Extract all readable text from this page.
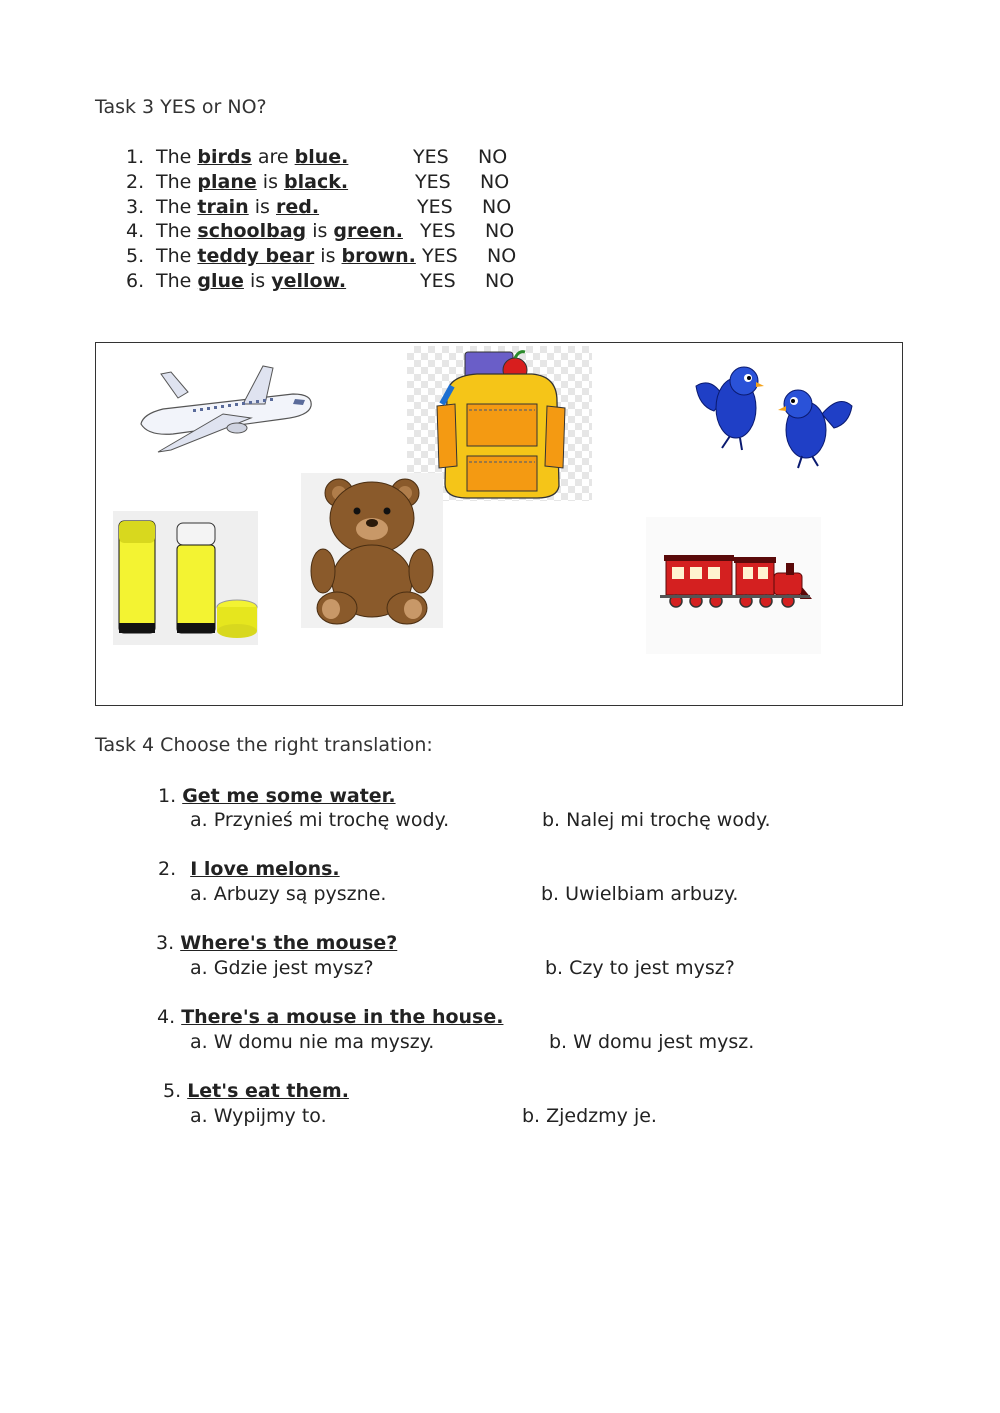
Task 3 YES or NO?
1. The birds are blue.	YES NO
2. The plane is black.	YES NO
3. The train is red.	YES NO
4. The schoolbag is green. YES NO
5. The teddy bear is brown. YES NO
6. The glue is yellow.	YES NO
Task 4 Choose the right translation:
1. Get me some water.
a. Przynieś mi trochę wody.	b. Nalej mi trochę wody.
2. I love melons.
a. Arbuzy są pyszne.	b. Uwielbiam arbuzy.
3. Where's the mouse?
a. Gdzie jest mysz?	b. Czy to jest mysz?
4. There's a mouse in the house.
a. W domu nie ma myszy.	b. W domu jest mysz.
5. Let's eat them.
a. Wypijmy to.	b. Zjedzmy je.
